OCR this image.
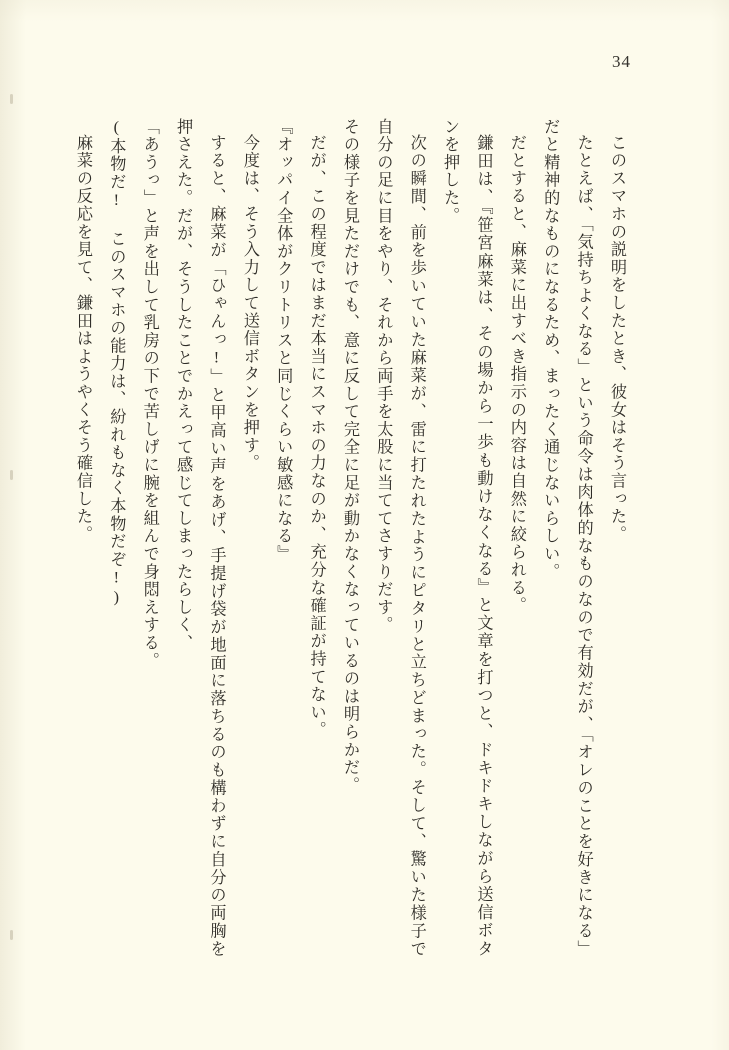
34

このスマホの説明をしたとき、彼女はそう言った。

たとえば、「気持ちよくなる」という命令は肉体的なものなので有効だが、「オレのことを好きになる」だと精神的なものになるため、まったく通じないらしい。

だとすると、麻菜に出すべき指示の内容は自然に絞られる。

鎌田は、『笹宮麻菜は、その場から一歩も動けなくなる』と文章を打つと、ドキドキしながら送信ボタンを押した。

次の瞬間、前を歩いていた麻菜が、雷に打たれたようにピタリと立ちどまった。そして、驚いた様子で自分の足に目をやり、それから両手を太股に当ててさすりだす。

その様子を見ただけでも、意に反して完全に足が動かなくなっているのは明らかだ。

だが、この程度ではまだ本当にスマホの力なのか、充分な確証が持てない。

『オッパイ全体がクリトリスと同じくらい敏感になる』

今度は、そう入力して送信ボタンを押す。

すると、麻菜が「ひゃんっ!」と甲高い声をあげ、手提げ袋が地面に落ちるのも構わずに自分の両胸を押さえた。だが、そうしたことでかえって感じてしまったらしく、

「あうっ」と声を出して乳房の下で苦しげに腕を組んで身悶えする。

(本物だ! このスマホの能力は、紛れもなく本物だぞ!)

麻菜の反応を見て、鎌田はようやくそう確信した。
